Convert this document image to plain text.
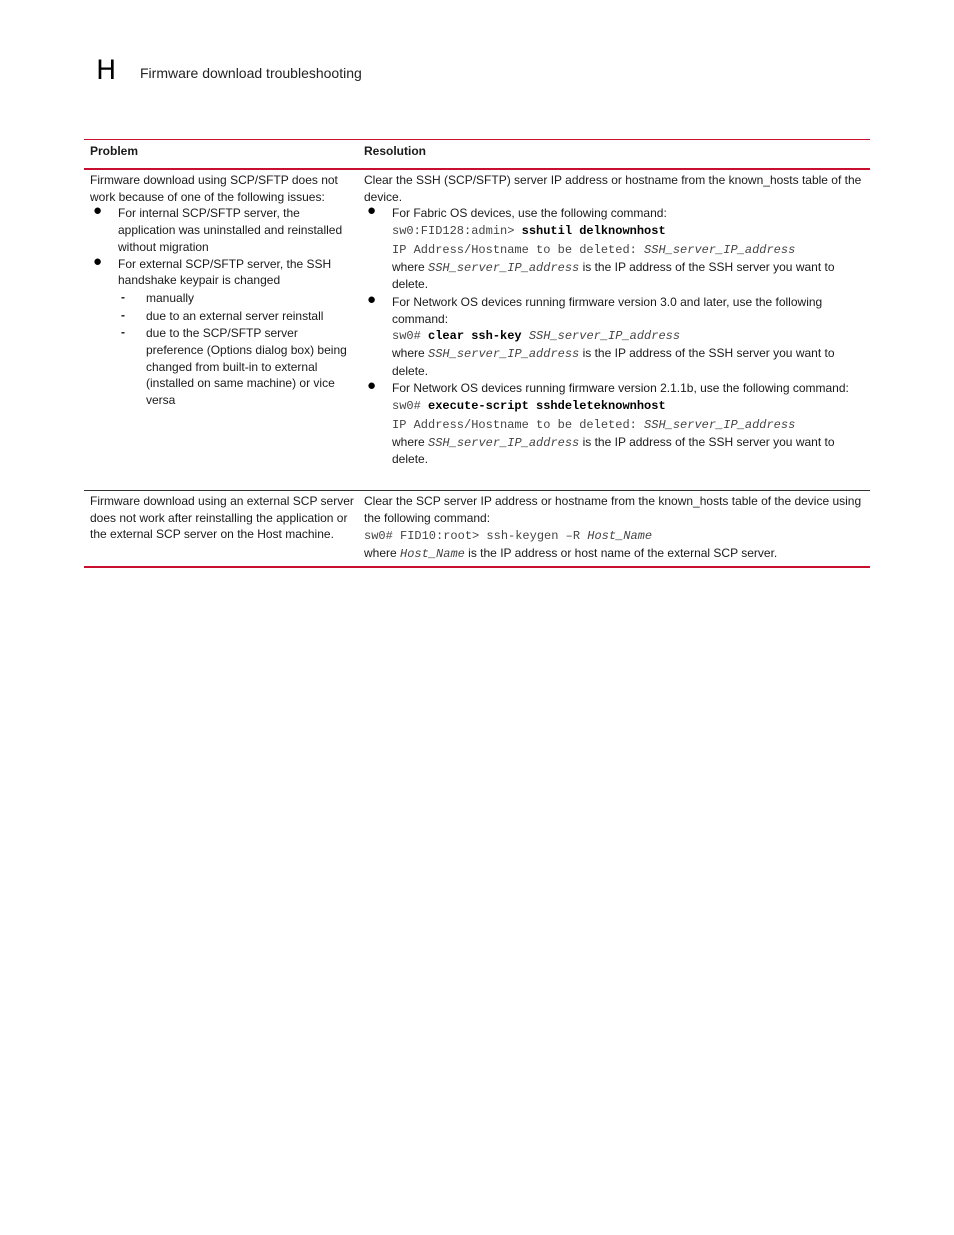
H Firmware download troubleshooting
Problem	Resolution
Firmware download using SCP/SFTP does not work because of one of the following issues:
● For internal SCP/SFTP server, the application was uninstalled and reinstalled without migration
● For external SCP/SFTP server, the SSH handshake keypair is changed
- manually
- due to an external server reinstall
- due to the SCP/SFTP server preference (Options dialog box) being changed from built-in to external (installed on same machine) or vice versa
Clear the SSH (SCP/SFTP) server IP address or hostname from the known_hosts table of the device.
● For Fabric OS devices, use the following command:
sw0:FID128:admin> sshutil delknownhost
IP Address/Hostname to be deleted: SSH_server_IP_address
where SSH_server_IP_address is the IP address of the SSH server you want to delete.
● For Network OS devices running firmware version 3.0 and later, use the following command:
sw0# clear ssh-key SSH_server_IP_address
where SSH_server_IP_address is the IP address of the SSH server you want to delete.
● For Network OS devices running firmware version 2.1.1b, use the following command:
sw0# execute-script sshdeleteknownhost
IP Address/Hostname to be deleted: SSH_server_IP_address
where SSH_server_IP_address is the IP address of the SSH server you want to delete.
Firmware download using an external SCP server does not work after reinstalling the application or the external SCP server on the Host machine.
Clear the SCP server IP address or hostname from the known_hosts table of the device using the following command:
sw0# FID10:root> ssh-keygen –R Host_Name
where Host_Name is the IP address or host name of the external SCP server.
